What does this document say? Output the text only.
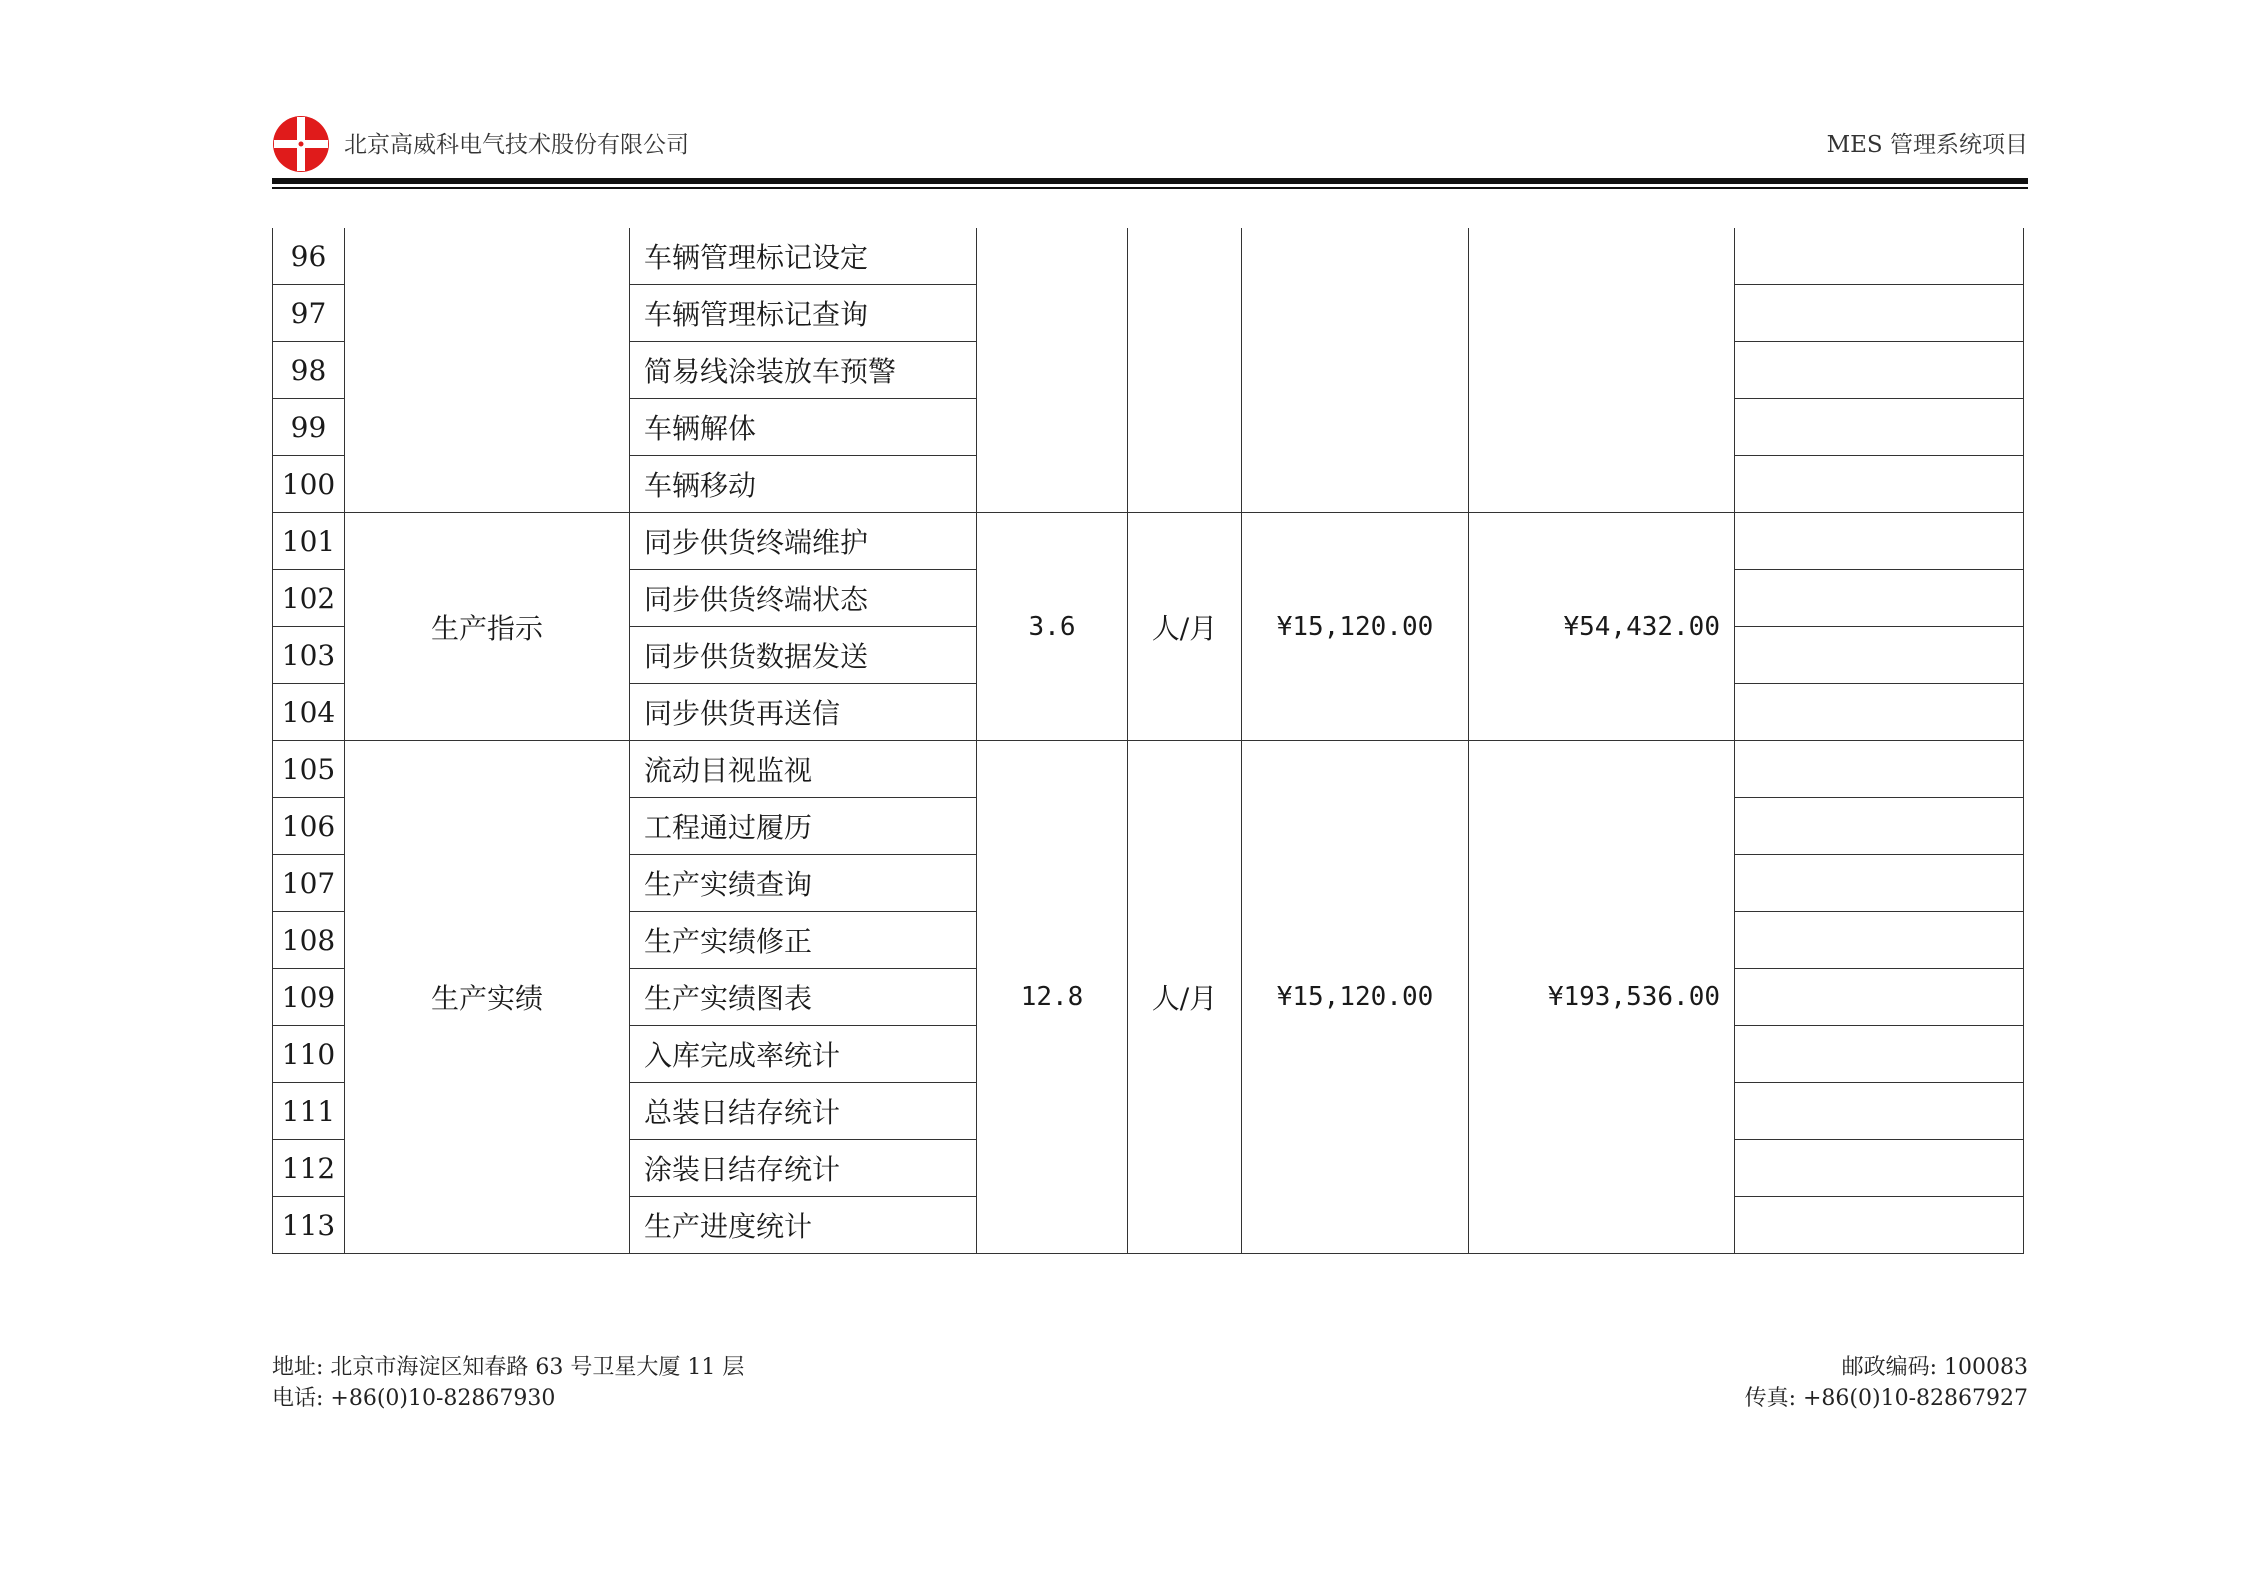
北京高威科电气技术股份有限公司	MES 管理系统项目
96		车辆管理标记设定					
97		车辆管理标记查询					
98		简易线涂装放车预警					
99		车辆解体					
100		车辆移动					
101	生产指示	同步供货终端维护	3.6	人/月	¥15,120.00	¥54,432.00	
102		同步供货终端状态					
103		同步供货数据发送					
104		同步供货再送信					
105	生产实绩	流动目视监视	12.8	人/月	¥15,120.00	¥193,536.00	
106		工程通过履历					
107		生产实绩查询					
108		生产实绩修正					
109		生产实绩图表					
110		入库完成率统计					
111		总装日结存统计					
112		涂装日结存统计					
113		生产进度统计					
地址: 北京市海淀区知春路 63 号卫星大厦 11 层
电话: +86(0)10-82867930
邮政编码: 100083
传真: +86(0)10-82867927
